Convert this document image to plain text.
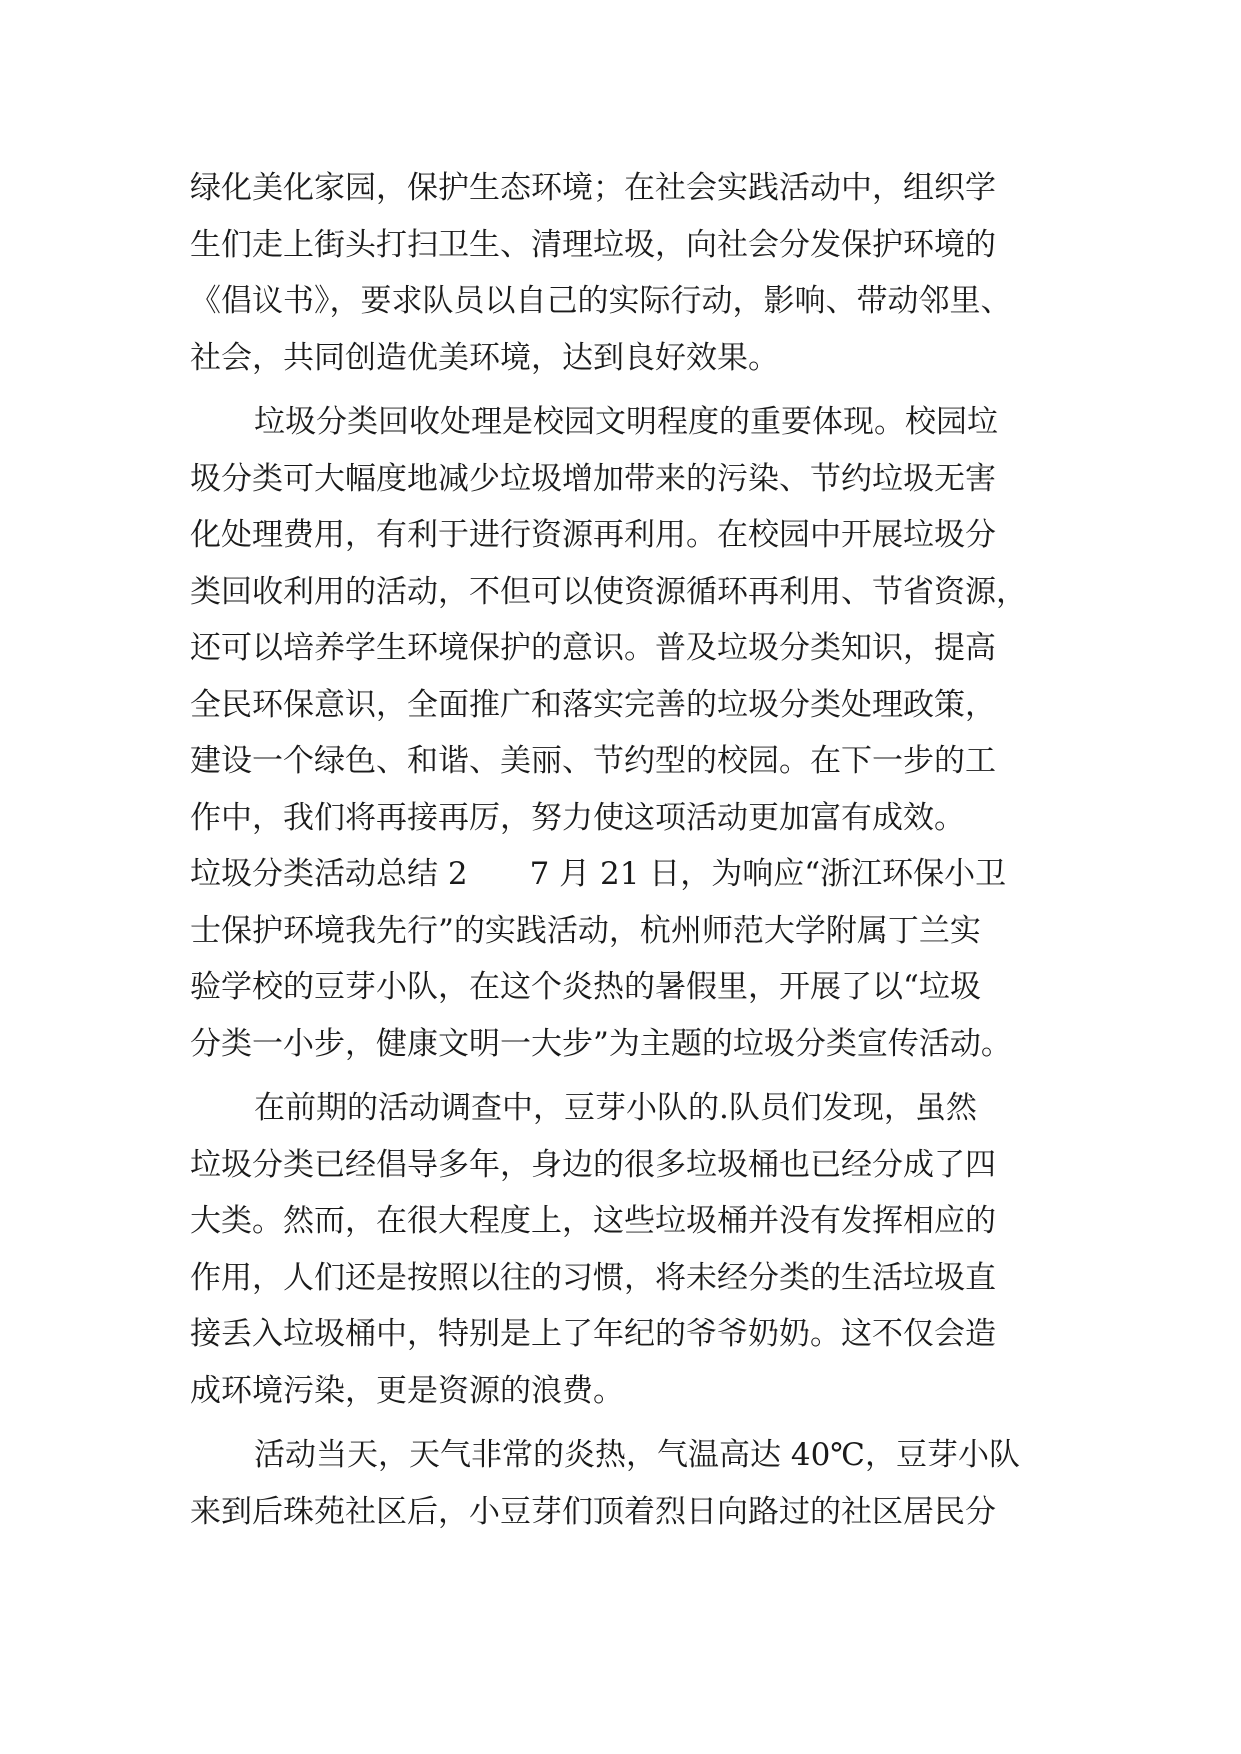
绿化美化家园，保护生态环境；在社会实践活动中，组织学
生们走上街头打扫卫生、清理垃圾，向社会分发保护环境的
《倡议书》，要求队员以自己的实际行动，影响、带动邻里、
社会，共同创造优美环境，达到良好效果。
垃圾分类回收处理是校园文明程度的重要体现。校园垃
圾分类可大幅度地减少垃圾增加带来的污染、节约垃圾无害
化处理费用，有利于进行资源再利用。在校园中开展垃圾分
类回收利用的活动，不但可以使资源循环再利用、节省资源，
还可以培养学生环境保护的意识。普及垃圾分类知识，提高
全民环保意识，全面推广和落实完善的垃圾分类处理政策，
建设一个绿色、和谐、美丽、节约型的校园。在下一步的工
作中，我们将再接再厉，努力使这项活动更加富有成效。
垃圾分类活动总结 2　　7 月 21 日，为响应“浙江环保小卫
士保护环境我先行”的实践活动，杭州师范大学附属丁兰实
验学校的豆芽小队，在这个炎热的暑假里，开展了以“垃圾
分类一小步，健康文明一大步”为主题的垃圾分类宣传活动。
在前期的活动调查中，豆芽小队的.队员们发现，虽然
垃圾分类已经倡导多年，身边的很多垃圾桶也已经分成了四
大类。然而，在很大程度上，这些垃圾桶并没有发挥相应的
作用，人们还是按照以往的习惯，将未经分类的生活垃圾直
接丢入垃圾桶中，特别是上了年纪的爷爷奶奶。这不仅会造
成环境污染，更是资源的浪费。
活动当天，天气非常的炎热，气温高达 40℃，豆芽小队
来到后珠苑社区后，小豆芽们顶着烈日向路过的社区居民分
